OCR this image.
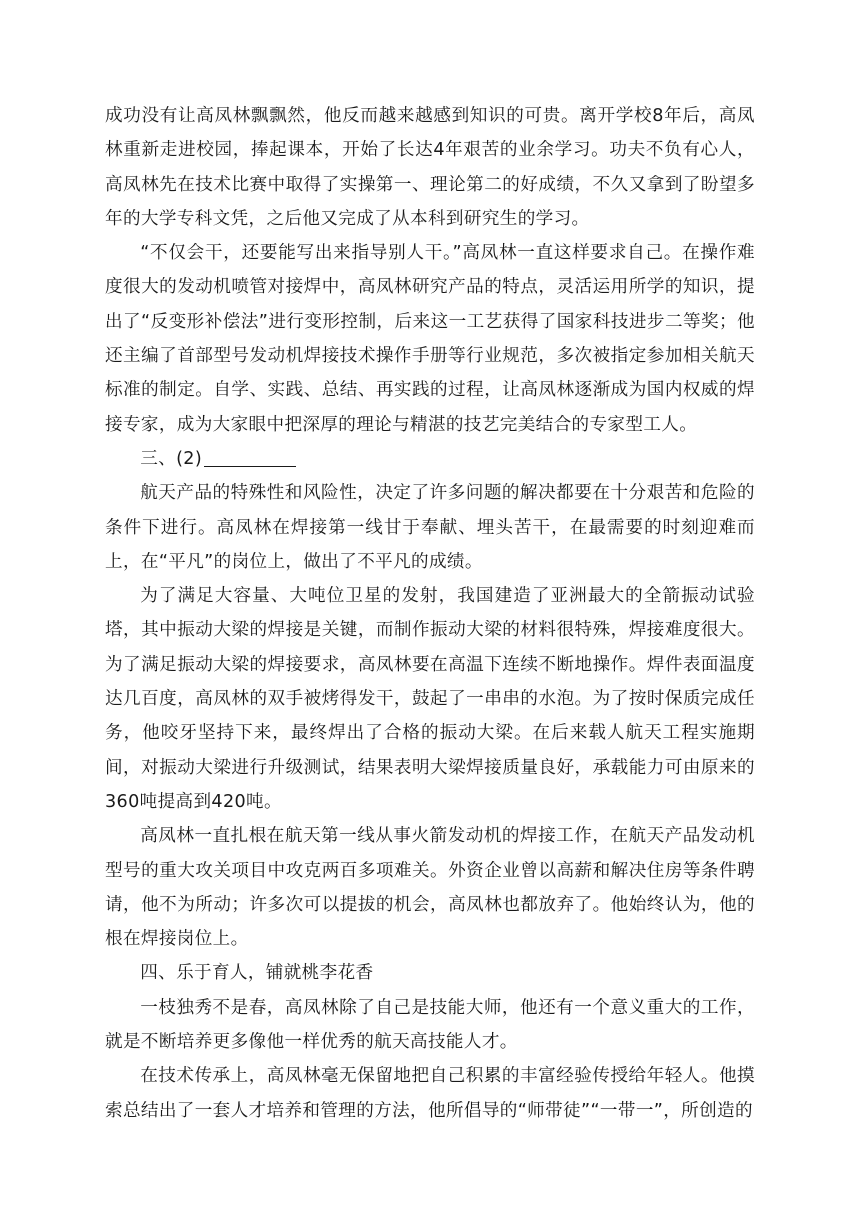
成功没有让高凤林飘飘然，他反而越来越感到知识的可贵。离开学校8年后，高凤林重新走进校园，捧起课本，开始了长达4年艰苦的业余学习。功夫不负有心人，高凤林先在技术比赛中取得了实操第一、理论第二的好成绩，不久又拿到了盼望多年的大学专科文凭，之后他又完成了从本科到研究生的学习。

“不仅会干，还要能写出来指导别人干。”高凤林一直这样要求自己。在操作难度很大的发动机喷管对接焊中，高凤林研究产品的特点，灵活运用所学的知识，提出了“反变形补偿法”进行变形控制，后来这一工艺获得了国家科技进步二等奖；他还主编了首部型号发动机焊接技术操作手册等行业规范，多次被指定参加相关航天标准的制定。自学、实践、总结、再实践的过程，让高凤林逐渐成为国内权威的焊接专家，成为大家眼中把深厚的理论与精湛的技艺完美结合的专家型工人。

三、(2)

航天产品的特殊性和风险性，决定了许多问题的解决都要在十分艰苦和危险的条件下进行。高凤林在焊接第一线甘于奉献、埋头苦干，在最需要的时刻迎难而上，在“平凡”的岗位上，做出了不平凡的成绩。

为了满足大容量、大吨位卫星的发射，我国建造了亚洲最大的全箭振动试验塔，其中振动大梁的焊接是关键，而制作振动大梁的材料很特殊，焊接难度很大。为了满足振动大梁的焊接要求，高凤林要在高温下连续不断地操作。焊件表面温度达几百度，高凤林的双手被烤得发干，鼓起了一串串的水泡。为了按时保质完成任务，他咬牙坚持下来，最终焊出了合格的振动大梁。在后来载人航天工程实施期间，对振动大梁进行升级测试，结果表明大梁焊接质量良好，承载能力可由原来的360吨提高到420吨。

高凤林一直扎根在航天第一线从事火箭发动机的焊接工作，在航天产品发动机型号的重大攻关项目中攻克两百多项难关。外资企业曾以高薪和解决住房等条件聘请，他不为所动；许多次可以提拔的机会，高凤林也都放弃了。他始终认为，他的根在焊接岗位上。

四、乐于育人，铺就桃李花香

一枝独秀不是春，高凤林除了自己是技能大师，他还有一个意义重大的工作，就是不断培养更多像他一样优秀的航天高技能人才。

在技术传承上，高凤林毫无保留地把自己积累的丰富经验传授给年轻人。他摸索总结出了一套人才培养和管理的方法，他所倡导的“师带徒”“一带一”，所创造的
